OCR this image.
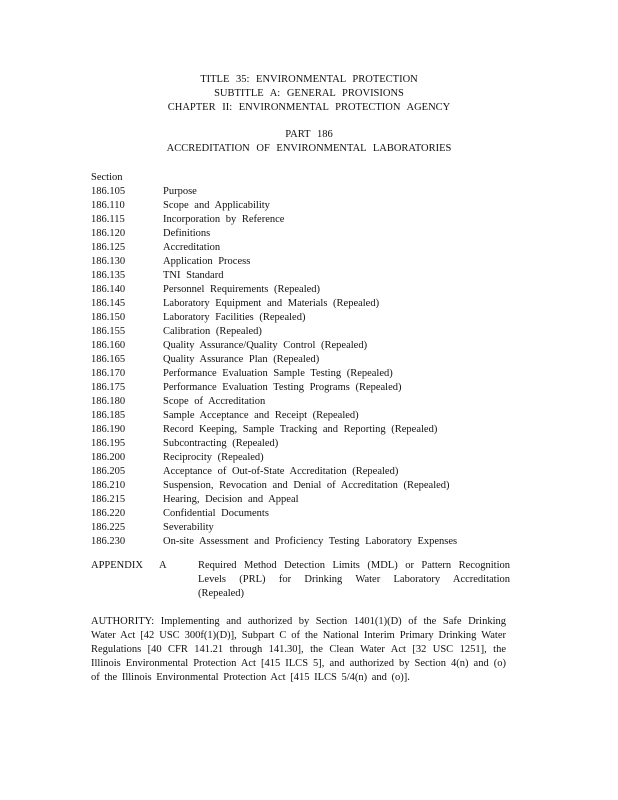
TITLE 35: ENVIRONMENTAL PROTECTION
SUBTITLE A: GENERAL PROVISIONS
CHAPTER II: ENVIRONMENTAL PROTECTION AGENCY
PART 186
ACCREDITATION OF ENVIRONMENTAL LABORATORIES
Section
186.105	Purpose
186.110	Scope and Applicability
186.115	Incorporation by Reference
186.120	Definitions
186.125	Accreditation
186.130	Application Process
186.135	TNI Standard
186.140	Personnel Requirements (Repealed)
186.145	Laboratory Equipment and Materials (Repealed)
186.150	Laboratory Facilities (Repealed)
186.155	Calibration (Repealed)
186.160	Quality Assurance/Quality Control (Repealed)
186.165	Quality Assurance Plan (Repealed)
186.170	Performance Evaluation Sample Testing (Repealed)
186.175	Performance Evaluation Testing Programs (Repealed)
186.180	Scope of Accreditation
186.185	Sample Acceptance and Receipt (Repealed)
186.190	Record Keeping, Sample Tracking and Reporting (Repealed)
186.195	Subcontracting (Repealed)
186.200	Reciprocity (Repealed)
186.205	Acceptance of Out-of-State Accreditation (Repealed)
186.210	Suspension, Revocation and Denial of Accreditation (Repealed)
186.215	Hearing, Decision and Appeal
186.220	Confidential Documents
186.225	Severability
186.230	On-site Assessment and Proficiency Testing Laboratory Expenses
APPENDIX A	Required Method Detection Limits (MDL) or Pattern Recognition Levels (PRL) for Drinking Water Laboratory Accreditation (Repealed)
AUTHORITY: Implementing and authorized by Section 1401(1)(D) of the Safe Drinking Water Act [42 USC 300f(1)(D)], Subpart C of the National Interim Primary Drinking Water Regulations [40 CFR 141.21 through 141.30], the Clean Water Act [32 USC 1251], the Illinois Environmental Protection Act [415 ILCS 5], and authorized by Section 4(n) and (o) of the Illinois Environmental Protection Act [415 ILCS 5/4(n) and (o)].
